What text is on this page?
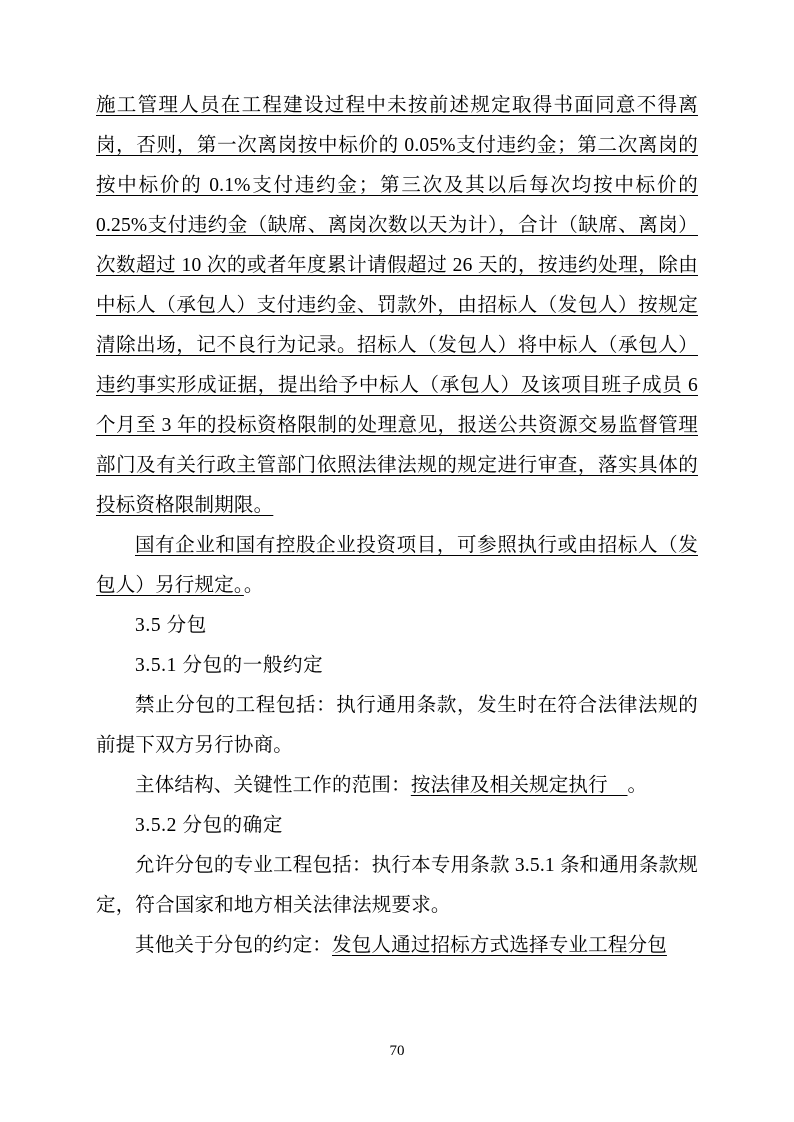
施工管理人员在工程建设过程中未按前述规定取得书面同意不得离岗，否则，第一次离岗按中标价的 0.05%支付违约金；第二次离岗的按中标价的 0.1%支付违约金；第三次及其以后每次均按中标价的 0.25%支付违约金（缺席、离岗次数以天为计），合计（缺席、离岗）次数超过 10 次的或者年度累计请假超过 26 天的，按违约处理，除由中标人（承包人）支付违约金、罚款外，由招标人（发包人）按规定清除出场，记不良行为记录。招标人（发包人）将中标人（承包人）违约事实形成证据，提出给予中标人（承包人）及该项目班子成员 6 个月至 3 年的投标资格限制的处理意见，报送公共资源交易监督管理部门及有关行政主管部门依照法律法规的规定进行审查，落实具体的投标资格限制期限。

国有企业和国有控股企业投资项目，可参照执行或由招标人（发包人）另行规定。。

3.5 分包

3.5.1 分包的一般约定

禁止分包的工程包括：执行通用条款，发生时在符合法律法规的前提下双方另行协商。

主体结构、关键性工作的范围：按法律及相关规定执行　。

3.5.2 分包的确定

允许分包的专业工程包括：执行本专用条款 3.5.1 条和通用条款规定，符合国家和地方相关法律法规要求。

其他关于分包的约定：发包人通过招标方式选择专业工程分包

70
